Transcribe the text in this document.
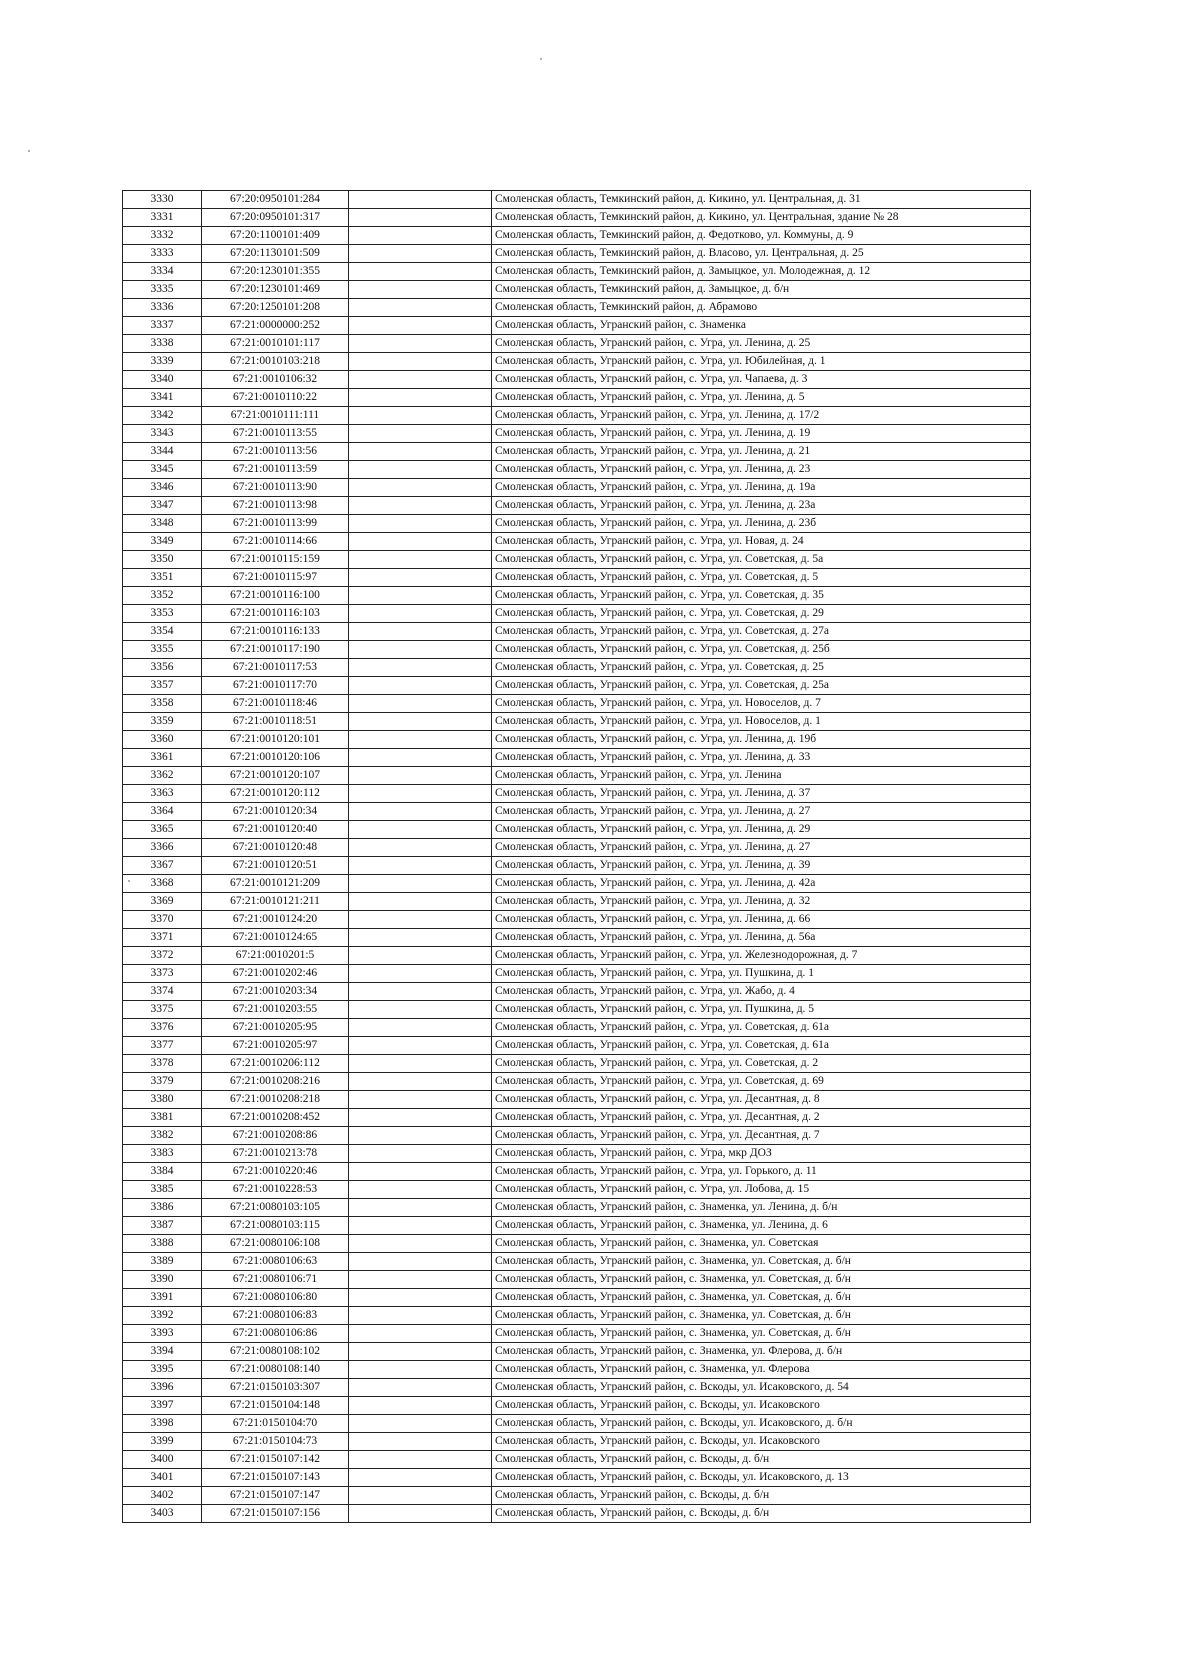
3330	67:20:0950101:284		Смоленская область, Темкинский район, д. Кикино, ул. Центральная, д. 31
3331	67:20:0950101:317		Смоленская область, Темкинский район, д. Кикино, ул. Центральная, здание № 28
3332	67:20:1100101:409		Смоленская область, Темкинский район, д. Федотково, ул. Коммуны, д. 9
3333	67:20:1130101:509		Смоленская область, Темкинский район, д. Власово, ул. Центральная, д. 25
3334	67:20:1230101:355		Смоленская область, Темкинский район, д. Замыцкое, ул. Молодежная, д. 12
3335	67:20:1230101:469		Смоленская область, Темкинский район, д. Замыцкое, д. б/н
3336	67:20:1250101:208		Смоленская область, Темкинский район, д. Абрамово
3337	67:21:0000000:252		Смоленская область, Угранский район, с. Знаменка
3338	67:21:0010101:117		Смоленская область, Угранский район, с. Угра, ул. Ленина, д. 25
3339	67:21:0010103:218		Смоленская область, Угранский район, с. Угра, ул. Юбилейная, д. 1
3340	67:21:0010106:32		Смоленская область, Угранский район, с. Угра, ул. Чапаева, д. 3
3341	67:21:0010110:22		Смоленская область, Угранский район, с. Угра, ул. Ленина, д. 5
3342	67:21:0010111:111		Смоленская область, Угранский район, с. Угра, ул. Ленина, д. 17/2
3343	67:21:0010113:55		Смоленская область, Угранский район, с. Угра, ул. Ленина, д. 19
3344	67:21:0010113:56		Смоленская область, Угранский район, с. Угра, ул. Ленина, д. 21
3345	67:21:0010113:59		Смоленская область, Угранский район, с. Угра, ул. Ленина, д. 23
3346	67:21:0010113:90		Смоленская область, Угранский район, с. Угра, ул. Ленина, д. 19а
3347	67:21:0010113:98		Смоленская область, Угранский район, с. Угра, ул. Ленина, д. 23а
3348	67:21:0010113:99		Смоленская область, Угранский район, с. Угра, ул. Ленина, д. 23б
3349	67:21:0010114:66		Смоленская область, Угранский район, с. Угра, ул. Новая, д. 24
3350	67:21:0010115:159		Смоленская область, Угранский район, с. Угра, ул. Советская, д. 5а
3351	67:21:0010115:97		Смоленская область, Угранский район, с. Угра, ул. Советская, д. 5
3352	67:21:0010116:100		Смоленская область, Угранский район, с. Угра, ул. Советская, д. 35
3353	67:21:0010116:103		Смоленская область, Угранский район, с. Угра, ул. Советская, д. 29
3354	67:21:0010116:133		Смоленская область, Угранский район, с. Угра, ул. Советская, д. 27а
3355	67:21:0010117:190		Смоленская область, Угранский район, с. Угра, ул. Советская, д. 25б
3356	67:21:0010117:53		Смоленская область, Угранский район, с. Угра, ул. Советская, д. 25
3357	67:21:0010117:70		Смоленская область, Угранский район, с. Угра, ул. Советская, д. 25а
3358	67:21:0010118:46		Смоленская область, Угранский район, с. Угра, ул. Новоселов, д. 7
3359	67:21:0010118:51		Смоленская область, Угранский район, с. Угра, ул. Новоселов, д. 1
3360	67:21:0010120:101		Смоленская область, Угранский район, с. Угра, ул. Ленина, д. 19б
3361	67:21:0010120:106		Смоленская область, Угранский район, с. Угра, ул. Ленина, д. 33
3362	67:21:0010120:107		Смоленская область, Угранский район, с. Угра, ул. Ленина
3363	67:21:0010120:112		Смоленская область, Угранский район, с. Угра, ул. Ленина, д. 37
3364	67:21:0010120:34		Смоленская область, Угранский район, с. Угра, ул. Ленина, д. 27
3365	67:21:0010120:40		Смоленская область, Угранский район, с. Угра, ул. Ленина, д. 29
3366	67:21:0010120:48		Смоленская область, Угранский район, с. Угра, ул. Ленина, д. 27
3367	67:21:0010120:51		Смоленская область, Угранский район, с. Угра, ул. Ленина, д. 39
3368	67:21:0010121:209		Смоленская область, Угранский район, с. Угра, ул. Ленина, д. 42а
3369	67:21:0010121:211		Смоленская область, Угранский район, с. Угра, ул. Ленина, д. 32
3370	67:21:0010124:20		Смоленская область, Угранский район, с. Угра, ул. Ленина, д. 66
3371	67:21:0010124:65		Смоленская область, Угранский район, с. Угра, ул. Ленина, д. 56а
3372	67:21:0010201:5		Смоленская область, Угранский район, с. Угра, ул. Железнодорожная, д. 7
3373	67:21:0010202:46		Смоленская область, Угранский район, с. Угра, ул. Пушкина, д. 1
3374	67:21:0010203:34		Смоленская область, Угранский район, с. Угра, ул. Жабо, д. 4
3375	67:21:0010203:55		Смоленская область, Угранский район, с. Угра, ул. Пушкина, д. 5
3376	67:21:0010205:95		Смоленская область, Угранский район, с. Угра, ул. Советская, д. 61а
3377	67:21:0010205:97		Смоленская область, Угранский район, с. Угра, ул. Советская, д. 61а
3378	67:21:0010206:112		Смоленская область, Угранский район, с. Угра, ул. Советская, д. 2
3379	67:21:0010208:216		Смоленская область, Угранский район, с. Угра, ул. Советская, д. 69
3380	67:21:0010208:218		Смоленская область, Угранский район, с. Угра, ул. Десантная, д. 8
3381	67:21:0010208:452		Смоленская область, Угранский район, с. Угра, ул. Десантная, д. 2
3382	67:21:0010208:86		Смоленская область, Угранский район, с. Угра, ул. Десантная, д. 7
3383	67:21:0010213:78		Смоленская область, Угранский район, с. Угра, мкр ДОЗ
3384	67:21:0010220:46		Смоленская область, Угранский район, с. Угра, ул. Горького, д. 11
3385	67:21:0010228:53		Смоленская область, Угранский район, с. Угра, ул. Лобова, д. 15
3386	67:21:0080103:105		Смоленская область, Угранский район, с. Знаменка, ул. Ленина, д. б/н
3387	67:21:0080103:115		Смоленская область, Угранский район, с. Знаменка, ул. Ленина, д. 6
3388	67:21:0080106:108		Смоленская область, Угранский район, с. Знаменка, ул. Советская
3389	67:21:0080106:63		Смоленская область, Угранский район, с. Знаменка, ул. Советская, д. б/н
3390	67:21:0080106:71		Смоленская область, Угранский район, с. Знаменка, ул. Советская, д. б/н
3391	67:21:0080106:80		Смоленская область, Угранский район, с. Знаменка, ул. Советская, д. б/н
3392	67:21:0080106:83		Смоленская область, Угранский район, с. Знаменка, ул. Советская, д. б/н
3393	67:21:0080106:86		Смоленская область, Угранский район, с. Знаменка, ул. Советская, д. б/н
3394	67:21:0080108:102		Смоленская область, Угранский район, с. Знаменка, ул. Флерова, д. б/н
3395	67:21:0080108:140		Смоленская область, Угранский район, с. Знаменка, ул. Флерова
3396	67:21:0150103:307		Смоленская область, Угранский район, с. Вскоды, ул. Исаковского, д. 54
3397	67:21:0150104:148		Смоленская область, Угранский район, с. Вскоды, ул. Исаковского
3398	67:21:0150104:70		Смоленская область, Угранский район, с. Вскоды, ул. Исаковского, д. б/н
3399	67:21:0150104:73		Смоленская область, Угранский район, с. Вскоды, ул. Исаковского
3400	67:21:0150107:142		Смоленская область, Угранский район, с. Вскоды, д. б/н
3401	67:21:0150107:143		Смоленская область, Угранский район, с. Вскоды, ул. Исаковского, д. 13
3402	67:21:0150107:147		Смоленская область, Угранский район, с. Вскоды, д. б/н
3403	67:21:0150107:156		Смоленская область, Угранский район, с. Вскоды, д. б/н
